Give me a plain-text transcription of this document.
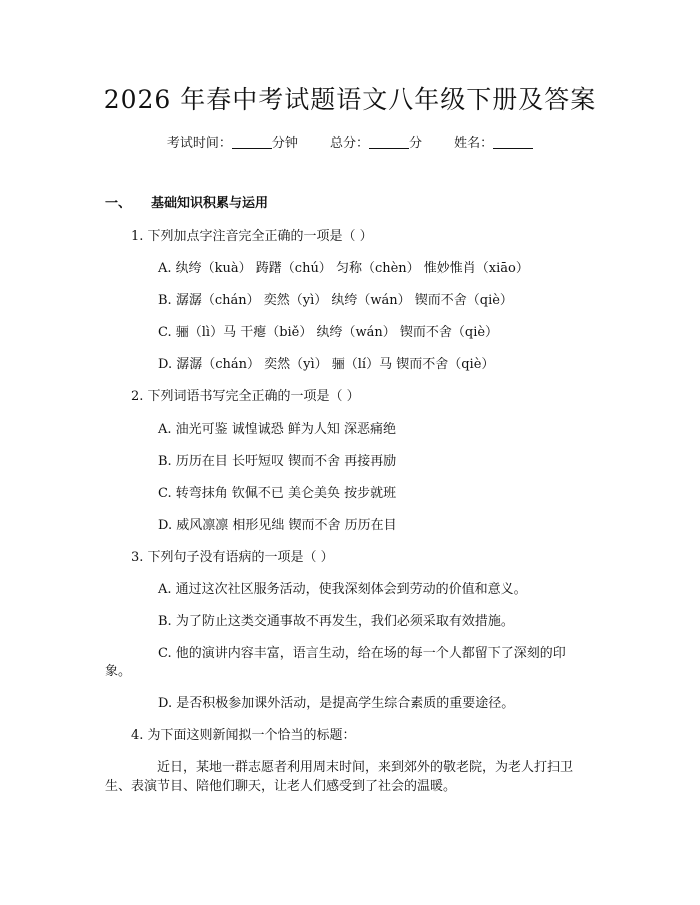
2026 年春中考试题语文八年级下册及答案
考试时间：	分钟 总分：	分 姓名：
一、 基础知识积累与运用
1. 下列加点字注音完全正确的一项是（ ）
A. 纨绔（kuà） 踌躇（chú） 匀称（chèn） 惟妙惟肖（xiāo）
B. 潺潺（chán） 奕然（yì） 纨绔（wán） 锲而不舍（qiè）
C. 骊（lì）马 干瘪（biě） 纨绔（wán） 锲而不舍（qiè）
D. 潺潺（chán） 奕然（yì） 骊（lí）马 锲而不舍（qiè）
2. 下列词语书写完全正确的一项是（ ）
A. 油光可鉴 诚惶诚恐 鲜为人知 深恶痛绝
B. 历历在目 长吁短叹 锲而不舍 再接再励
C. 转弯抹角 钦佩不已 美仑美奂 按步就班
D. 威风凛凛 相形见绌 锲而不舍 历历在目
3. 下列句子没有语病的一项是（ ）
A. 通过这次社区服务活动，使我深刻体会到劳动的价值和意义。
B. 为了防止这类交通事故不再发生，我们必须采取有效措施。
C. 他的演讲内容丰富，语言生动，给在场的每一个人都留下了深刻的印
象。
D. 是否积极参加课外活动，是提高学生综合素质的重要途径。
4. 为下面这则新闻拟一个恰当的标题：
近日，某地一群志愿者利用周末时间，来到郊外的敬老院，为老人打扫卫
生、表演节目、陪他们聊天，让老人们感受到了社会的温暖。
